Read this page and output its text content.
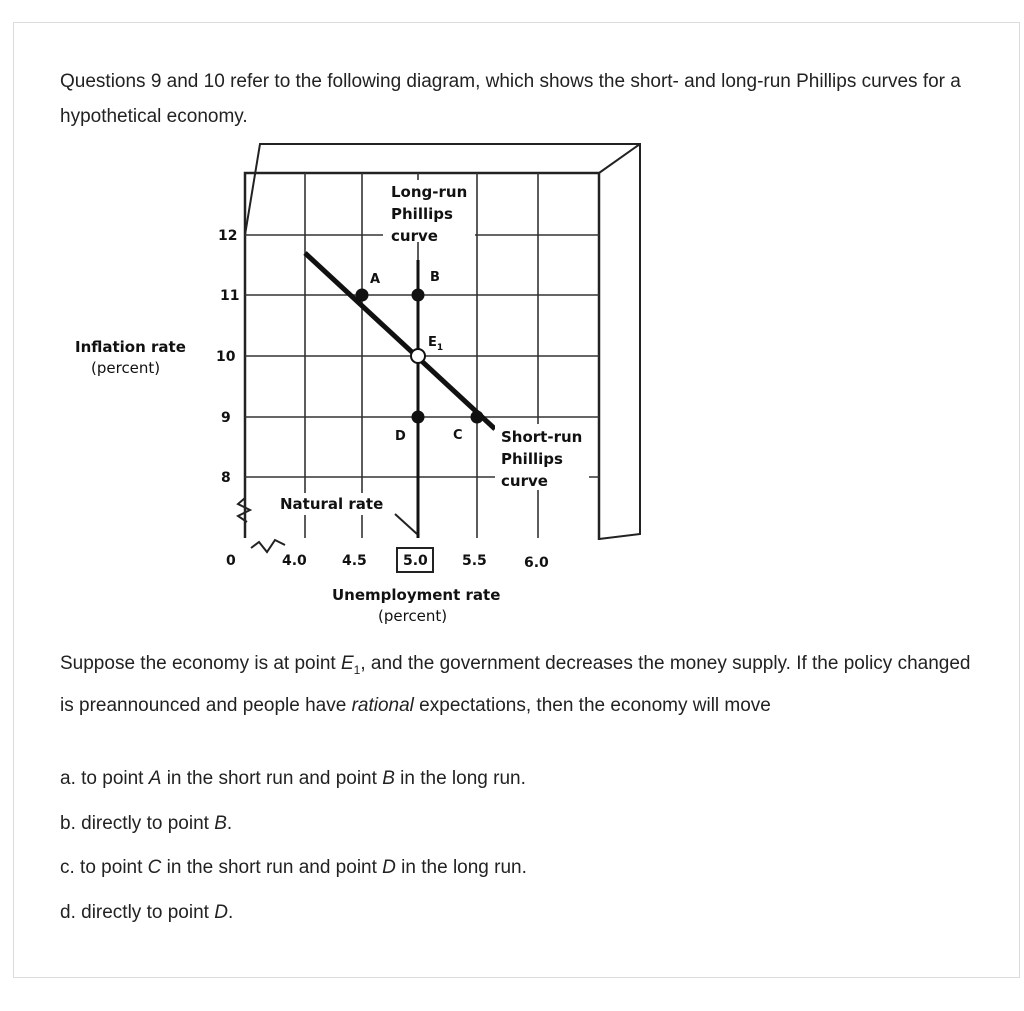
Questions 9 and 10 refer to the following diagram, which shows the short- and long-run Phillips curves for a hypothetical economy.

A	B
$E_1$
D	C
Long-run
Phillips
curve
Short-run
Phillips
curve
Natural rate
12
11
10
9
8
0
Inflation rate
(percent)
4.0	4.5	5.0 5.5	6.0
Unemployment rate
(percent)

Suppose the economy is at point $E_1$, and the government decreases the money supply. If the policy changed is preannounced and people have rational expectations, then the economy will move

a. to point A in the short run and point B in the long run.

b. directly to point B.

c. to point C in the short run and point D in the long run.

d. directly to point D.
